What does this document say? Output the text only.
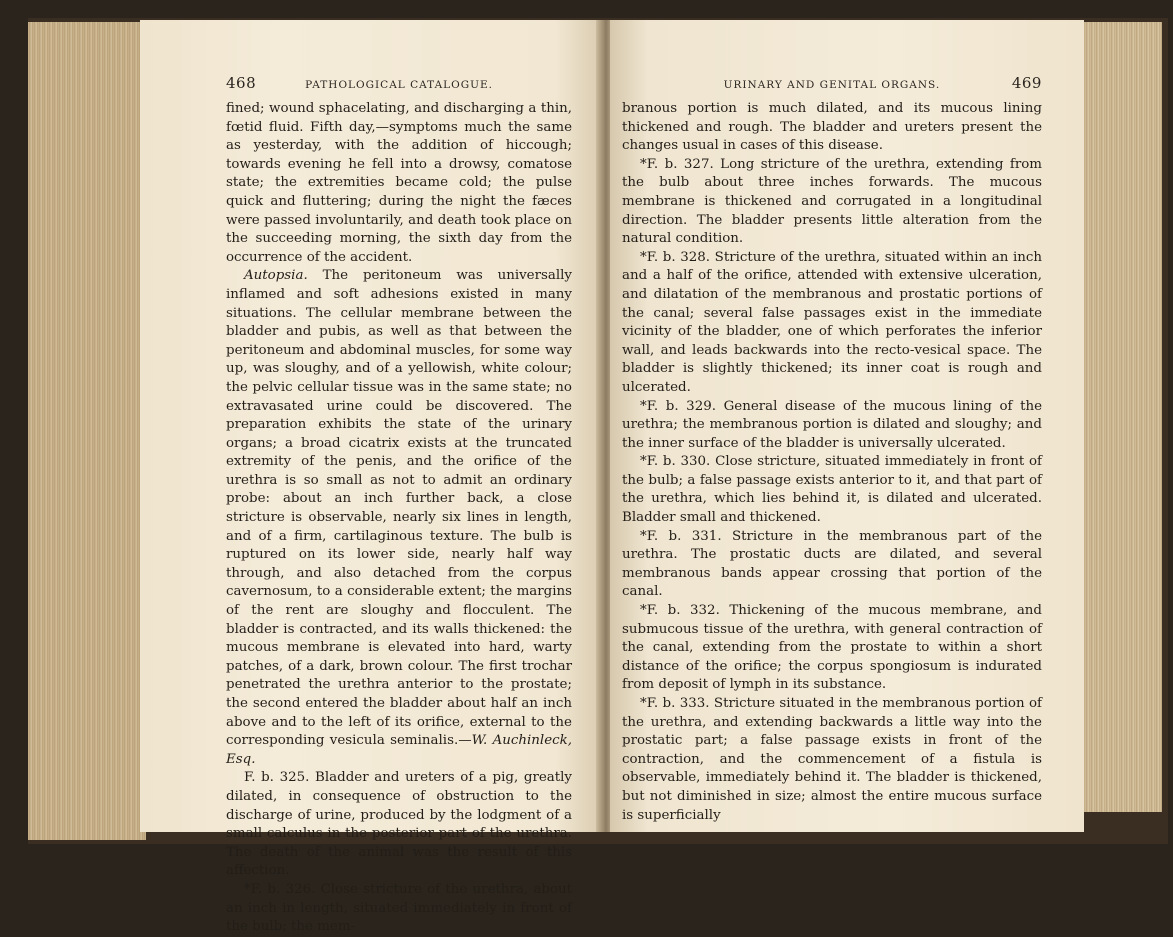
468	PATHOLOGICAL CATALOGUE.

fined; wound sphacelating, and discharging a thin, fœtid fluid. Fifth day,—symptoms much the same as yesterday, with the addition of hiccough; towards evening he fell into a drowsy, comatose state; the extremities became cold; the pulse quick and fluttering; during the night the fæces were passed involuntarily, and death took place on the succeeding morning, the sixth day from the occurrence of the accident.

Autopsia. The peritoneum was universally inflamed and soft adhesions existed in many situations. The cellular membrane between the bladder and pubis, as well as that between the peritoneum and abdominal muscles, for some way up, was sloughy, and of a yellowish, white colour; the pelvic cellular tissue was in the same state; no extravasated urine could be discovered. The preparation exhibits the state of the urinary organs; a broad cicatrix exists at the truncated extremity of the penis, and the orifice of the urethra is so small as not to admit an ordinary probe: about an inch further back, a close stricture is observable, nearly six lines in length, and of a firm, cartilaginous texture. The bulb is ruptured on its lower side, nearly half way through, and also detached from the corpus cavernosum, to a considerable extent; the margins of the rent are sloughy and flocculent. The bladder is contracted, and its walls thickened: the mucous membrane is elevated into hard, warty patches, of a dark, brown colour. The first trochar penetrated the urethra anterior to the prostate; the second entered the bladder about half an inch above and to the left of its orifice, external to the corresponding vesicula seminalis.—W. Auchinleck, Esq.

F. b. 325. Bladder and ureters of a pig, greatly dilated, in consequence of obstruction to the discharge of urine, produced by the lodgment of a small calculus in the posterior part of the urethra. The death of the animal was the result of this affection.

*F. b. 326. Close stricture of the urethra, about an inch in length, situated immediately in front of the bulb; the mem-

URINARY AND GENITAL ORGANS.	469

branous portion is much dilated, and its mucous lining thickened and rough. The bladder and ureters present the changes usual in cases of this disease.

*F. b. 327. Long stricture of the urethra, extending from the bulb about three inches forwards. The mucous membrane is thickened and corrugated in a longitudinal direction. The bladder presents little alteration from the natural condition.

*F. b. 328. Stricture of the urethra, situated within an inch and a half of the orifice, attended with extensive ulceration, and dilatation of the membranous and prostatic portions of the canal; several false passages exist in the immediate vicinity of the bladder, one of which perforates the inferior wall, and leads backwards into the recto-vesical space. The bladder is slightly thickened; its inner coat is rough and ulcerated.

*F. b. 329. General disease of the mucous lining of the urethra; the membranous portion is dilated and sloughy; and the inner surface of the bladder is universally ulcerated.

*F. b. 330. Close stricture, situated immediately in front of the bulb; a false passage exists anterior to it, and that part of the urethra, which lies behind it, is dilated and ulcerated. Bladder small and thickened.

*F. b. 331. Stricture in the membranous part of the urethra. The prostatic ducts are dilated, and several membranous bands appear crossing that portion of the canal.

*F. b. 332. Thickening of the mucous membrane, and submucous tissue of the urethra, with general contraction of the canal, extending from the prostate to within a short distance of the orifice; the corpus spongiosum is indurated from deposit of lymph in its substance.

*F. b. 333. Stricture situated in the membranous portion of the urethra, and extending backwards a little way into the prostatic part; a false passage exists in front of the contraction, and the commencement of a fistula is observable, immediately behind it. The bladder is thickened, but not diminished in size; almost the entire mucous surface is superficially
